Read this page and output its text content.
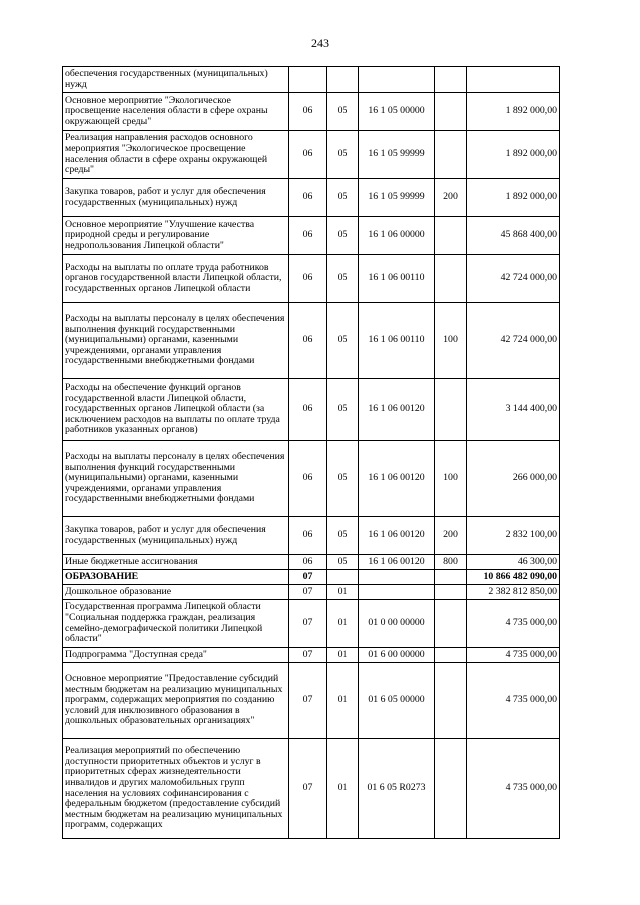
243
обеспечения государственных (муниципальных) нужд					
Основное мероприятие "Экологическое просвещение населения области в сфере охраны окружающей среды"	06	05	16 1 05 00000		1 892 000,00
Реализация направления расходов основного мероприятия "Экологическое просвещение населения области в сфере охраны окружающей среды"	06	05	16 1 05 99999		1 892 000,00
Закупка товаров, работ и услуг для обеспечения государственных (муниципальных) нужд	06	05	16 1 05 99999	200	1 892 000,00
Основное мероприятие "Улучшение качества природной среды и регулирование недропользования Липецкой области"	06	05	16 1 06 00000		45 868 400,00
Расходы на выплаты по оплате труда работников органов государственной власти Липецкой области, государственных органов Липецкой области	06	05	16 1 06 00110		42 724 000,00
Расходы на выплаты персоналу в целях обеспечения выполнения функций государственными (муниципальными) органами, казенными учреждениями, органами управления государственными внебюджетными фондами	06	05	16 1 06 00110	100	42 724 000,00
Расходы на обеспечение функций органов государственной власти Липецкой области, государственных органов Липецкой области (за исключением расходов на выплаты по оплате труда работников указанных органов)	06	05	16 1 06 00120		3 144 400,00
Расходы на выплаты персоналу в целях обеспечения выполнения функций государственными (муниципальными) органами, казенными учреждениями, органами управления государственными внебюджетными фондами	06	05	16 1 06 00120	100	266 000,00
Закупка товаров, работ и услуг для обеспечения государственных (муниципальных) нужд	06	05	16 1 06 00120	200	2 832 100,00
Иные бюджетные ассигнования	06	05	16 1 06 00120	800	46 300,00
ОБРАЗОВАНИЕ	07				10 866 482 090,00
Дошкольное образование	07	01			2 382 812 850,00
Государственная программа Липецкой области "Социальная поддержка граждан, реализация семейно-демографической политики Липецкой области"	07	01	01 0 00 00000		4 735 000,00
Подпрограмма "Доступная среда"	07	01	01 6 00 00000		4 735 000,00
Основное мероприятие "Предоставление субсидий местным бюджетам на реализацию муниципальных программ, содержащих мероприятия по созданию условий для инклюзивного образования в дошкольных образовательных организациях"	07	01	01 6 05 00000		4 735 000,00
Реализация мероприятий по обеспечению доступности приоритетных объектов и услуг в приоритетных сферах жизнедеятельности инвалидов и других маломобильных групп населения на условиях софинансирования с федеральным бюджетом (предоставление субсидий местным бюджетам на реализацию муниципальных программ, содержащих	07	01	01 6 05 R0273		4 735 000,00
